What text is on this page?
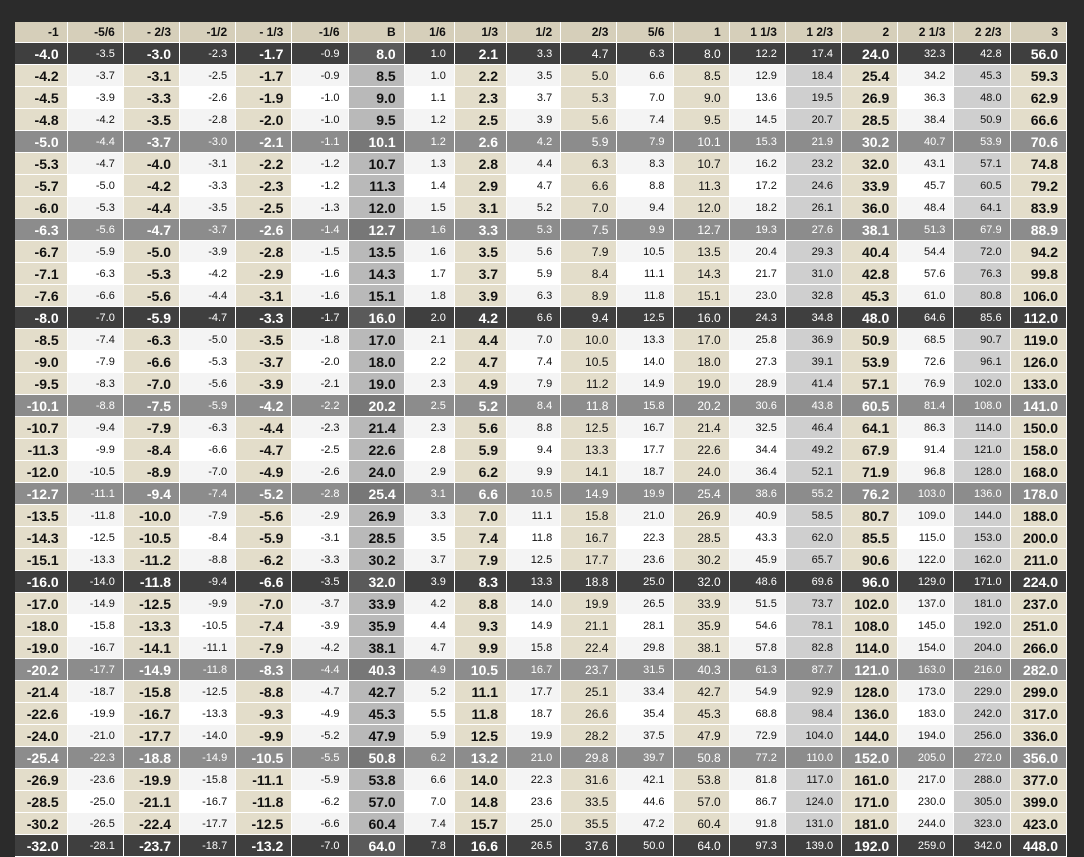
-1	-5/6	- 2/3	-1/2	- 1/3	-1/6	B	1/6	1/3	1/2	2/3	5/6	1	1 1/3	1 2/3	2	2 1/3	2 2/3	3
-4.0	-3.5	-3.0	-2.3	-1.7	-0.9	8.0	1.0	2.1	3.3	4.7	6.3	8.0	12.2	17.4	24.0	32.3	42.8	56.0
-4.2	-3.7	-3.1	-2.5	-1.7	-0.9	8.5	1.0	2.2	3.5	5.0	6.6	8.5	12.9	18.4	25.4	34.2	45.3	59.3
-4.5	-3.9	-3.3	-2.6	-1.9	-1.0	9.0	1.1	2.3	3.7	5.3	7.0	9.0	13.6	19.5	26.9	36.3	48.0	62.9
-4.8	-4.2	-3.5	-2.8	-2.0	-1.0	9.5	1.2	2.5	3.9	5.6	7.4	9.5	14.5	20.7	28.5	38.4	50.9	66.6
-5.0	-4.4	-3.7	-3.0	-2.1	-1.1	10.1	1.2	2.6	4.2	5.9	7.9	10.1	15.3	21.9	30.2	40.7	53.9	70.6
-5.3	-4.7	-4.0	-3.1	-2.2	-1.2	10.7	1.3	2.8	4.4	6.3	8.3	10.7	16.2	23.2	32.0	43.1	57.1	74.8
-5.7	-5.0	-4.2	-3.3	-2.3	-1.2	11.3	1.4	2.9	4.7	6.6	8.8	11.3	17.2	24.6	33.9	45.7	60.5	79.2
-6.0	-5.3	-4.4	-3.5	-2.5	-1.3	12.0	1.5	3.1	5.2	7.0	9.4	12.0	18.2	26.1	36.0	48.4	64.1	83.9
-6.3	-5.6	-4.7	-3.7	-2.6	-1.4	12.7	1.6	3.3	5.3	7.5	9.9	12.7	19.3	27.6	38.1	51.3	67.9	88.9
-6.7	-5.9	-5.0	-3.9	-2.8	-1.5	13.5	1.6	3.5	5.6	7.9	10.5	13.5	20.4	29.3	40.4	54.4	72.0	94.2
-7.1	-6.3	-5.3	-4.2	-2.9	-1.6	14.3	1.7	3.7	5.9	8.4	11.1	14.3	21.7	31.0	42.8	57.6	76.3	99.8
-7.6	-6.6	-5.6	-4.4	-3.1	-1.6	15.1	1.8	3.9	6.3	8.9	11.8	15.1	23.0	32.8	45.3	61.0	80.8	106.0
-8.0	-7.0	-5.9	-4.7	-3.3	-1.7	16.0	2.0	4.2	6.6	9.4	12.5	16.0	24.3	34.8	48.0	64.6	85.6	112.0
-8.5	-7.4	-6.3	-5.0	-3.5	-1.8	17.0	2.1	4.4	7.0	10.0	13.3	17.0	25.8	36.9	50.9	68.5	90.7	119.0
-9.0	-7.9	-6.6	-5.3	-3.7	-2.0	18.0	2.2	4.7	7.4	10.5	14.0	18.0	27.3	39.1	53.9	72.6	96.1	126.0
-9.5	-8.3	-7.0	-5.6	-3.9	-2.1	19.0	2.3	4.9	7.9	11.2	14.9	19.0	28.9	41.4	57.1	76.9	102.0	133.0
-10.1	-8.8	-7.5	-5.9	-4.2	-2.2	20.2	2.5	5.2	8.4	11.8	15.8	20.2	30.6	43.8	60.5	81.4	108.0	141.0
-10.7	-9.4	-7.9	-6.3	-4.4	-2.3	21.4	2.3	5.6	8.8	12.5	16.7	21.4	32.5	46.4	64.1	86.3	114.0	150.0
-11.3	-9.9	-8.4	-6.6	-4.7	-2.5	22.6	2.8	5.9	9.4	13.3	17.7	22.6	34.4	49.2	67.9	91.4	121.0	158.0
-12.0	-10.5	-8.9	-7.0	-4.9	-2.6	24.0	2.9	6.2	9.9	14.1	18.7	24.0	36.4	52.1	71.9	96.8	128.0	168.0
-12.7	-11.1	-9.4	-7.4	-5.2	-2.8	25.4	3.1	6.6	10.5	14.9	19.9	25.4	38.6	55.2	76.2	103.0	136.0	178.0
-13.5	-11.8	-10.0	-7.9	-5.6	-2.9	26.9	3.3	7.0	11.1	15.8	21.0	26.9	40.9	58.5	80.7	109.0	144.0	188.0
-14.3	-12.5	-10.5	-8.4	-5.9	-3.1	28.5	3.5	7.4	11.8	16.7	22.3	28.5	43.3	62.0	85.5	115.0	153.0	200.0
-15.1	-13.3	-11.2	-8.8	-6.2	-3.3	30.2	3.7	7.9	12.5	17.7	23.6	30.2	45.9	65.7	90.6	122.0	162.0	211.0
-16.0	-14.0	-11.8	-9.4	-6.6	-3.5	32.0	3.9	8.3	13.3	18.8	25.0	32.0	48.6	69.6	96.0	129.0	171.0	224.0
-17.0	-14.9	-12.5	-9.9	-7.0	-3.7	33.9	4.2	8.8	14.0	19.9	26.5	33.9	51.5	73.7	102.0	137.0	181.0	237.0
-18.0	-15.8	-13.3	-10.5	-7.4	-3.9	35.9	4.4	9.3	14.9	21.1	28.1	35.9	54.6	78.1	108.0	145.0	192.0	251.0
-19.0	-16.7	-14.1	-11.1	-7.9	-4.2	38.1	4.7	9.9	15.8	22.4	29.8	38.1	57.8	82.8	114.0	154.0	204.0	266.0
-20.2	-17.7	-14.9	-11.8	-8.3	-4.4	40.3	4.9	10.5	16.7	23.7	31.5	40.3	61.3	87.7	121.0	163.0	216.0	282.0
-21.4	-18.7	-15.8	-12.5	-8.8	-4.7	42.7	5.2	11.1	17.7	25.1	33.4	42.7	54.9	92.9	128.0	173.0	229.0	299.0
-22.6	-19.9	-16.7	-13.3	-9.3	-4.9	45.3	5.5	11.8	18.7	26.6	35.4	45.3	68.8	98.4	136.0	183.0	242.0	317.0
-24.0	-21.0	-17.7	-14.0	-9.9	-5.2	47.9	5.9	12.5	19.9	28.2	37.5	47.9	72.9	104.0	144.0	194.0	256.0	336.0
-25.4	-22.3	-18.8	-14.9	-10.5	-5.5	50.8	6.2	13.2	21.0	29.8	39.7	50.8	77.2	110.0	152.0	205.0	272.0	356.0
-26.9	-23.6	-19.9	-15.8	-11.1	-5.9	53.8	6.6	14.0	22.3	31.6	42.1	53.8	81.8	117.0	161.0	217.0	288.0	377.0
-28.5	-25.0	-21.1	-16.7	-11.8	-6.2	57.0	7.0	14.8	23.6	33.5	44.6	57.0	86.7	124.0	171.0	230.0	305.0	399.0
-30.2	-26.5	-22.4	-17.7	-12.5	-6.6	60.4	7.4	15.7	25.0	35.5	47.2	60.4	91.8	131.0	181.0	244.0	323.0	423.0
-32.0	-28.1	-23.7	-18.7	-13.2	-7.0	64.0	7.8	16.6	26.5	37.6	50.0	64.0	97.3	139.0	192.0	259.0	342.0	448.0
